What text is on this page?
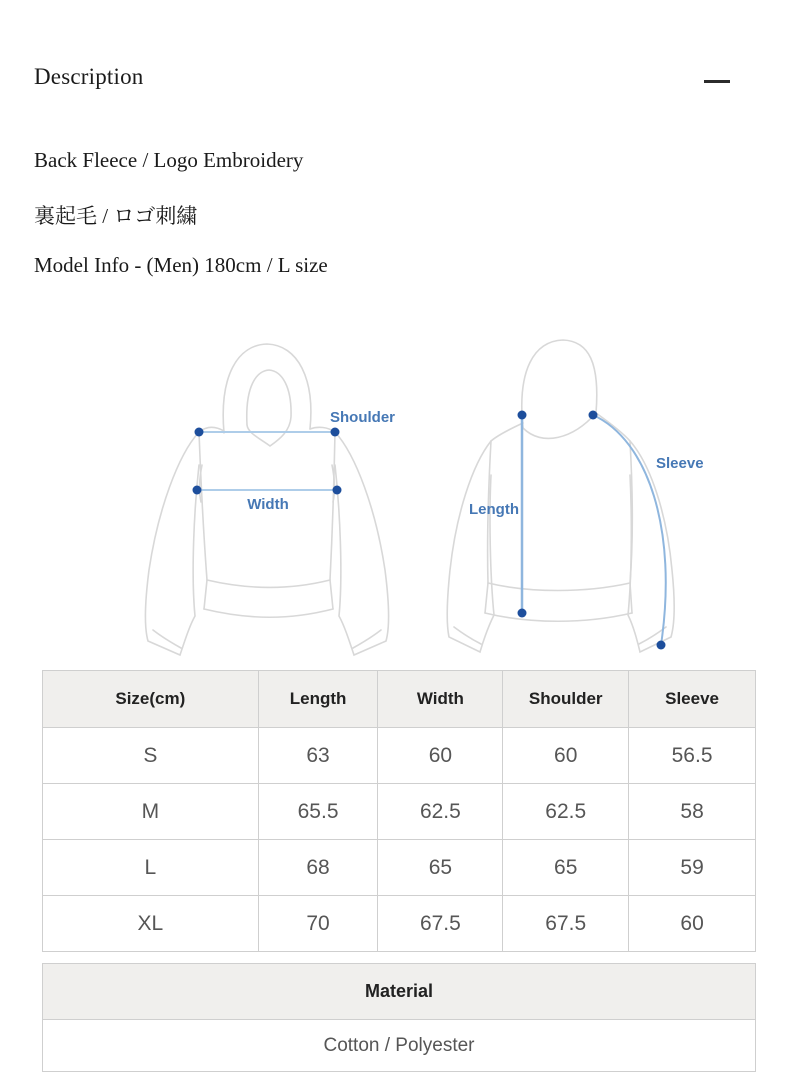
Description

Back Fleece / Logo Embroidery

裏起毛 / ロゴ刺繍

Model Info - (Men) 180cm / L size

Shoulder
Width	Length
Sleeve
Size(cm)	Length	Width	Shoulder	Sleeve
S	63	60	60	56.5
M	65.5	62.5	62.5	58
L	68	65	65	59
XL	70	67.5	67.5	60
Material
Cotton / Polyester
